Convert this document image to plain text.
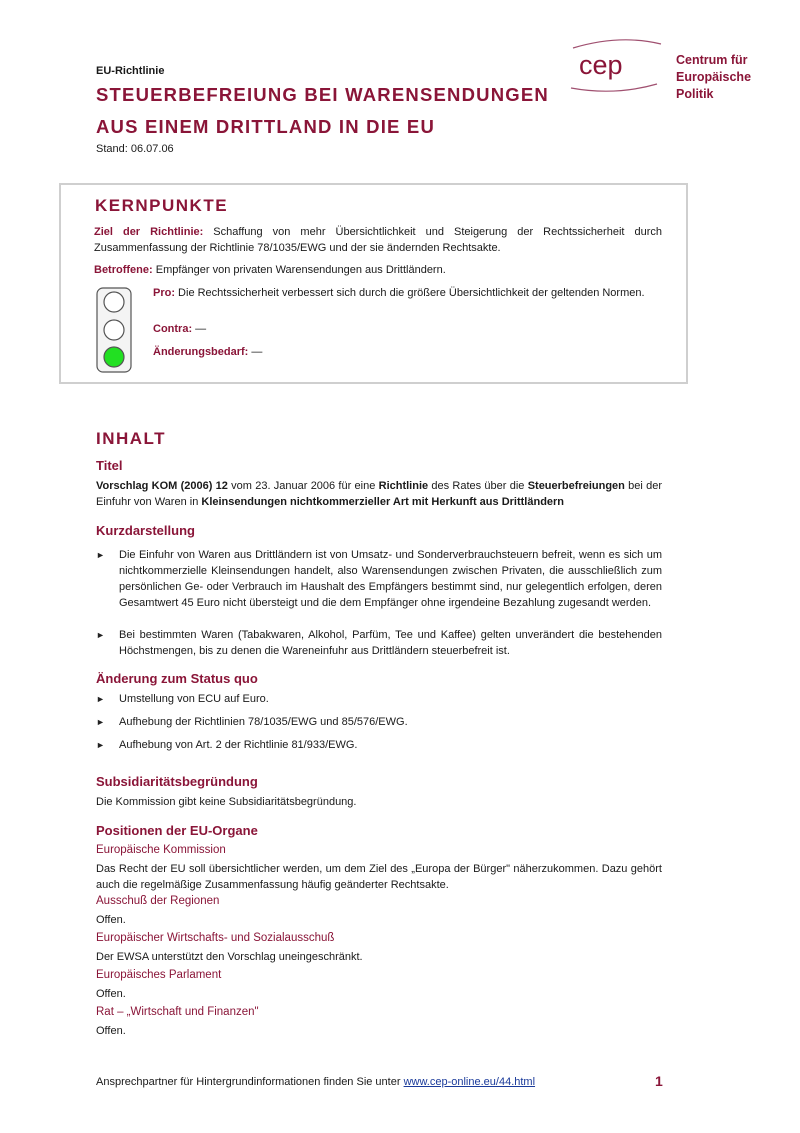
EU-Richtlinie
STEUERBEFREIUNG BEI WARENSENDUNGEN
AUS EINEM DRITTLAND IN DIE EU
Stand: 06.07.06
cep	Centrum für
Europäische
Politik
KERNPUNKTE
Ziel der Richtlinie: Schaffung von mehr Übersichtlichkeit und Steigerung der Rechtssicherheit durch Zusammenfassung der Richtlinie 78/1035/EWG und der sie ändernden Rechtsakte.
Betroffene: Empfänger von privaten Warensendungen aus Drittländern.
Pro: Die Rechtssicherheit verbessert sich durch die größere Übersichtlichkeit der geltenden Normen.
Contra: —
Änderungsbedarf: —
INHALT
Titel
Vorschlag KOM (2006) 12 vom 23. Januar 2006 für eine Richtlinie des Rates über die Steuerbefreiungen bei der Einfuhr von Waren in Kleinsendungen nichtkommerzieller Art mit Herkunft aus Drittländern
Kurzdarstellung
► Die Einfuhr von Waren aus Drittländern ist von Umsatz- und Sonderverbrauchsteuern befreit, wenn es sich um nichtkommerzielle Kleinsendungen handelt, also Warensendungen zwischen Privaten, die ausschließlich zum persönlichen Ge- oder Verbrauch im Haushalt des Empfängers bestimmt sind, nur gelegentlich erfolgen, deren Gesamtwert 45 Euro nicht übersteigt und die dem Empfänger ohne irgendeine Bezahlung zugesandt werden.
► Bei bestimmten Waren (Tabakwaren, Alkohol, Parfüm, Tee und Kaffee) gelten unverändert die bestehenden Höchstmengen, bis zu denen die Wareneinfuhr aus Drittländern steuerbefreit ist.
Änderung zum Status quo
► Umstellung von ECU auf Euro.
► Aufhebung der Richtlinien 78/1035/EWG und 85/576/EWG.
► Aufhebung von Art. 2 der Richtlinie 81/933/EWG.
Subsidiaritätsbegründung
Die Kommission gibt keine Subsidiaritätsbegründung.
Positionen der EU-Organe
Europäische Kommission
Das Recht der EU soll übersichtlicher werden, um dem Ziel des „Europa der Bürger" näherzukommen. Dazu gehört auch die regelmäßige Zusammenfassung häufig geänderter Rechtsakte.
Ausschuß der Regionen
Offen.
Europäischer Wirtschafts- und Sozialausschuß
Der EWSA unterstützt den Vorschlag uneingeschränkt.
Europäisches Parlament
Offen.
Rat – „Wirtschaft und Finanzen"
Offen.
Ansprechpartner für Hintergrundinformationen finden Sie unter www.cep-online.eu/44.html	1
